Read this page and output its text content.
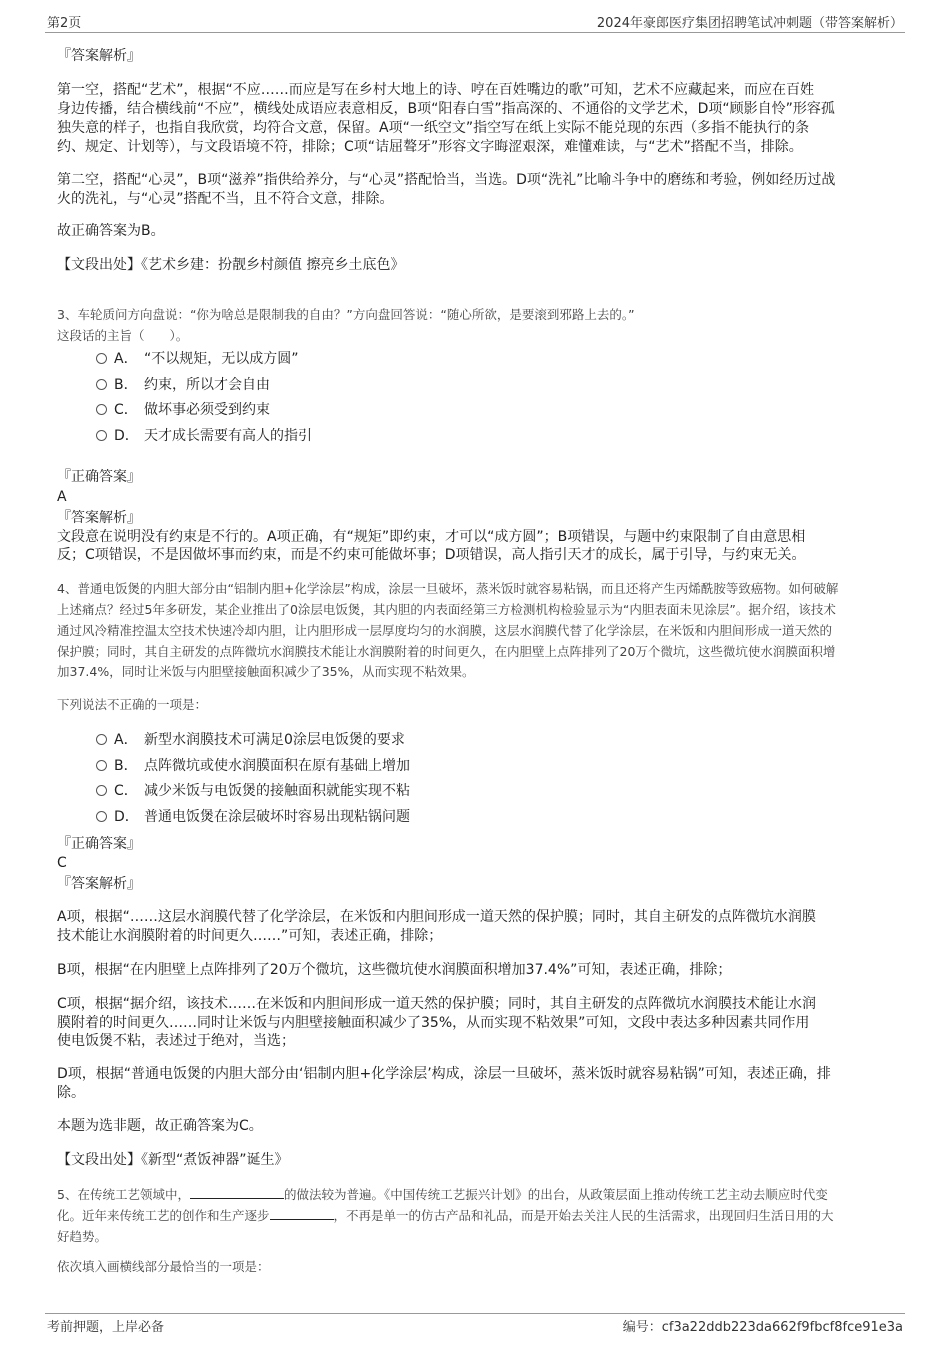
第2页	2024年豪郎医疗集团招聘笔试冲刺题（带答案解析）

『答案解析』

第一空，搭配“艺术”，根据“不应……而应是写在乡村大地上的诗、哼在百姓嘴边的歌”可知，艺术不应藏起来，而应在百姓

身边传播，结合横线前“不应”，横线处成语应表意相反，B项“阳春白雪”指高深的、不通俗的文学艺术，D项“顾影自怜”形容孤

独失意的样子，也指自我欣赏，均符合文意，保留。A项“一纸空文”指空写在纸上实际不能兑现的东西（多指不能执行的条

约、规定、计划等），与文段语境不符，排除；C项“诘屈聱牙”形容文字晦涩艰深，难懂难读，与“艺术”搭配不当，排除。

第二空，搭配“心灵”，B项“滋养”指供给养分，与“心灵”搭配恰当，当选。D项“洗礼”比喻斗争中的磨练和考验，例如经历过战

火的洗礼，与“心灵”搭配不当，且不符合文意，排除。

故正确答案为B。

【文段出处】《艺术乡建：扮靓乡村颜值 擦亮乡土底色》

3、车轮质问方向盘说：“你为啥总是限制我的自由？”方向盘回答说：“随心所欲，是要滚到邪路上去的。”

这段话的主旨（　　）。

A． “不以规矩，无以成方圆”
B． 约束，所以才会自由
C． 做坏事必须受到约束
D． 天才成长需要有高人的指引

『正确答案』

A

『答案解析』

文段意在说明没有约束是不行的。A项正确，有“规矩”即约束，才可以“成方圆”；B项错误，与题中约束限制了自由意思相

反；C项错误，不是因做坏事而约束，而是不约束可能做坏事；D项错误，高人指引天才的成长，属于引导，与约束无关。

4、普通电饭煲的内胆大部分由“铝制内胆+化学涂层”构成，涂层一旦破坏，蒸米饭时就容易粘锅，而且还将产生丙烯酰胺等致癌物。如何破解

上述痛点？经过5年多研发，某企业推出了0涂层电饭煲，其内胆的内表面经第三方检测机构检验显示为“内胆表面未见涂层”。据介绍，该技术

通过风冷精准控温太空技术快速冷却内胆，让内胆形成一层厚度均匀的水润膜，这层水润膜代替了化学涂层，在米饭和内胆间形成一道天然的

保护膜；同时，其自主研发的点阵微坑水润膜技术能让水润膜附着的时间更久，在内胆壁上点阵排列了20万个微坑，这些微坑使水润膜面积增

加37.4%，同时让米饭与内胆壁接触面积减少了35%，从而实现不粘效果。

下列说法不正确的一项是：

A． 新型水润膜技术可满足0涂层电饭煲的要求
B． 点阵微坑或使水润膜面积在原有基础上增加
C． 减少米饭与电饭煲的接触面积就能实现不粘
D． 普通电饭煲在涂层破坏时容易出现粘锅问题

『正确答案』

C

『答案解析』

A项，根据“……这层水润膜代替了化学涂层，在米饭和内胆间形成一道天然的保护膜；同时，其自主研发的点阵微坑水润膜

技术能让水润膜附着的时间更久……”可知，表述正确，排除；

B项，根据“在内胆壁上点阵排列了20万个微坑，这些微坑使水润膜面积增加37.4%”可知，表述正确，排除；

C项，根据“据介绍，该技术……在米饭和内胆间形成一道天然的保护膜；同时，其自主研发的点阵微坑水润膜技术能让水润

膜附着的时间更久……同时让米饭与内胆壁接触面积减少了35%，从而实现不粘效果”可知，文段中表达多种因素共同作用

使电饭煲不粘，表述过于绝对，当选；

D项，根据“普通电饭煲的内胆大部分由‘铝制内胆+化学涂层’构成，涂层一旦破坏，蒸米饭时就容易粘锅”可知，表述正确，排

除。

本题为选非题，故正确答案为C。

【文段出处】《新型“煮饭神器”诞生》

5、在传统工艺领域中，	的做法较为普遍。《中国传统工艺振兴计划》的出台，从政策层面上推动传统工艺主动去顺应时代变

化。近年来传统工艺的创作和生产逐步	，不再是单一的仿古产品和礼品，而是开始去关注人民的生活需求，出现回归生活日用的大

好趋势。

依次填入画横线部分最恰当的一项是：

考前押题，上岸必备	编号：cf3a22ddb223da662f9fbcf8fce91e3a
